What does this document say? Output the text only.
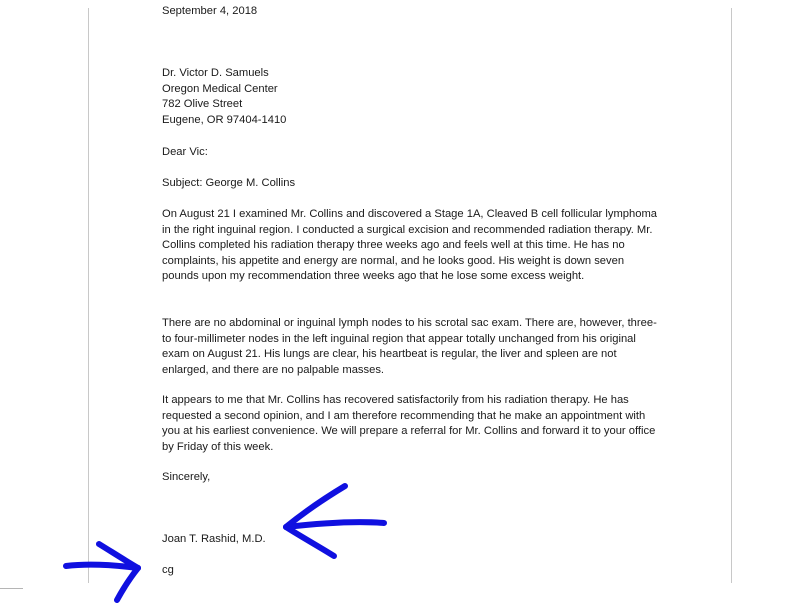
September 4, 2018

Dr. Victor D. Samuels
Oregon Medical Center
782 Olive Street
Eugene, OR 97404-1410

Dear Vic:

Subject: George M. Collins

On August 21 I examined Mr. Collins and discovered a Stage 1A, Cleaved B cell follicular lymphoma in the right inguinal region. I conducted a surgical excision and recommended radiation therapy. Mr. Collins completed his radiation therapy three weeks ago and feels well at this time. He has no complaints, his appetite and energy are normal, and he looks good. His weight is down seven pounds upon my recommendation three weeks ago that he lose some excess weight.

There are no abdominal or inguinal lymph nodes to his scrotal sac exam. There are, however, three- to four-millimeter nodes in the left inguinal region that appear totally unchanged from his original exam on August 21. His lungs are clear, his heartbeat is regular, the liver and spleen are not enlarged, and there are no palpable masses.

It appears to me that Mr. Collins has recovered satisfactorily from his radiation therapy. He has requested a second opinion, and I am therefore recommending that he make an appointment with you at his earliest convenience. We will prepare a referral for Mr. Collins and forward it to your office by Friday of this week.

Sincerely,

Joan T. Rashid, M.D.

cg
